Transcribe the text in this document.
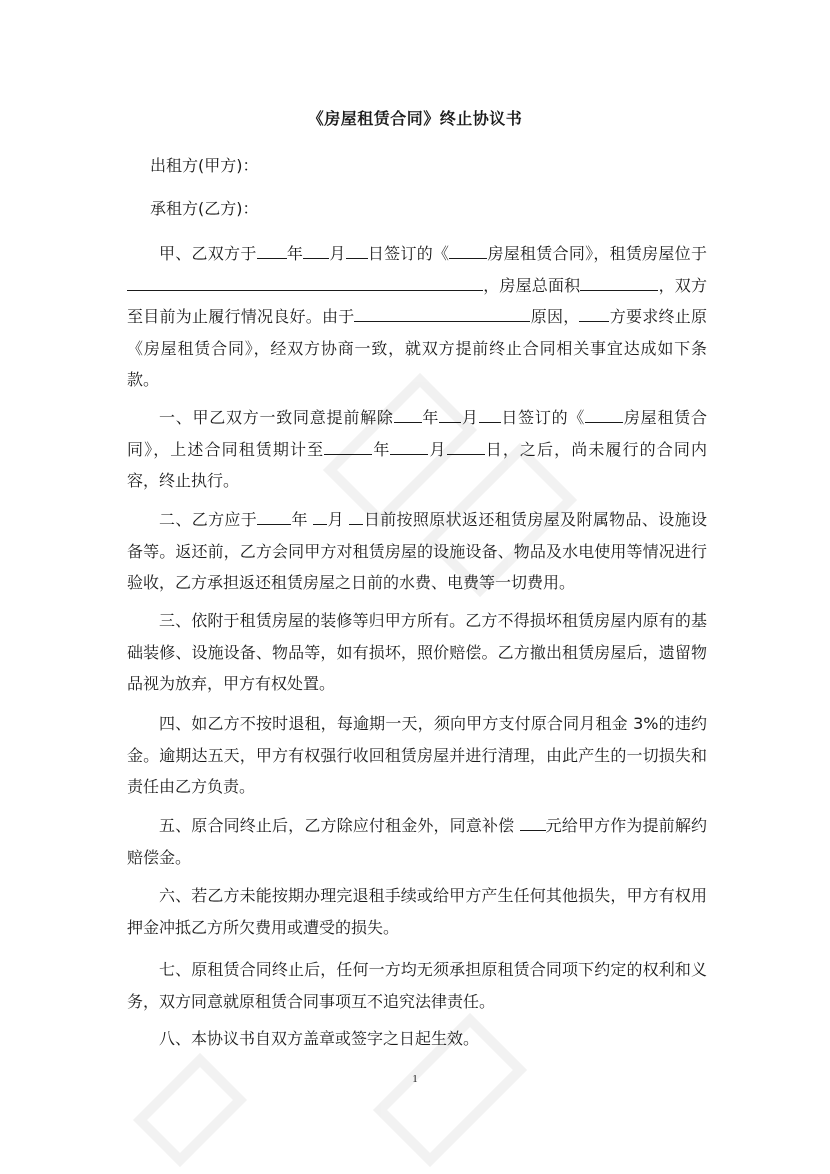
《房屋租赁合同》终止协议书
出租方(甲方)：
承租方(乙方)：
甲、乙双方于 年 月 日签订的《 房屋租赁合同》，租赁房屋位于，房屋总面积	，双方至目前为止履行情况良好。由于	原因， 方要求终止原《房屋租赁合同》，经双方协商一致，就双方提前终止合同相关事宜达成如下条款。
一、甲乙双方一致同意提前解除 年 月 日签订的《 房屋租赁合同》，上述合同租赁期计至	年 月 日，之后，尚未履行的合同内容，终止执行。
二、乙方应于 年 月 日前按照原状返还租赁房屋及附属物品、设施设备等。返还前，乙方会同甲方对租赁房屋的设施设备、物品及水电使用等情况进行验收，乙方承担返还租赁房屋之日前的水费、电费等一切费用。
三、依附于租赁房屋的装修等归甲方所有。乙方不得损坏租赁房屋内原有的基础装修、设施设备、物品等，如有损坏，照价赔偿。乙方撤出租赁房屋后，遗留物品视为放弃，甲方有权处置。
四、如乙方不按时退租，每逾期一天，须向甲方支付原合同月租金 3%的违约金。逾期达五天，甲方有权强行收回租赁房屋并进行清理，由此产生的一切损失和责任由乙方负责。
五、原合同终止后，乙方除应付租金外，同意补偿 元给甲方作为提前解约赔偿金。
六、若乙方未能按期办理完退租手续或给甲方产生任何其他损失，甲方有权用押金冲抵乙方所欠费用或遭受的损失。
七、原租赁合同终止后，任何一方均无须承担原租赁合同项下约定的权利和义务，双方同意就原租赁合同事项互不追究法律责任。
八、本协议书自双方盖章或签字之日起生效。
1
